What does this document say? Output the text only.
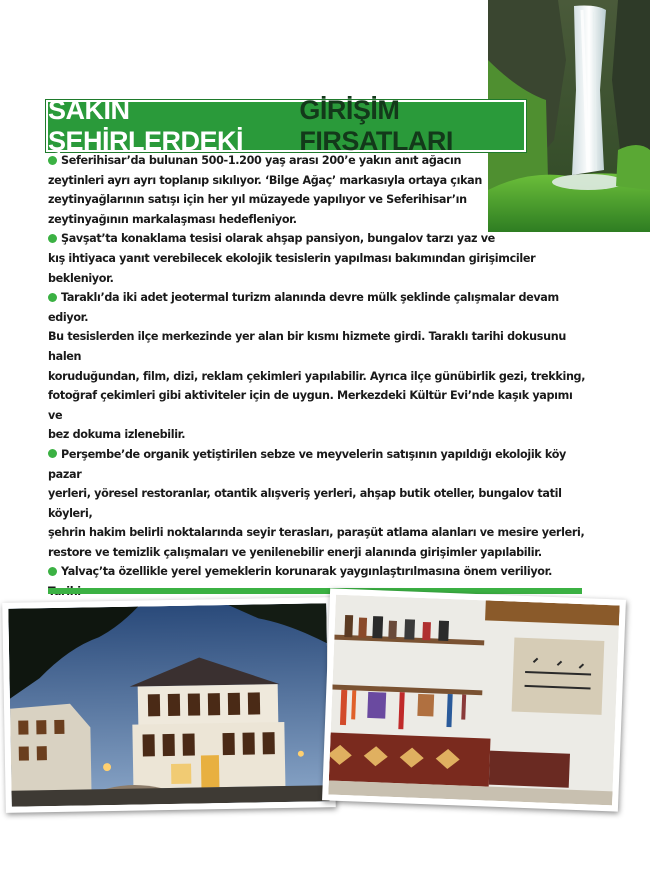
SAKİN ŞEHİRLERDEKİ
GİRİŞİM FIRSATLARI
Seferihisar’da bulunan 500-1.200 yaş arası 200’e yakın anıt ağacın
zeytinleri ayrı ayrı toplanıp sıkılıyor. ‘Bilge Ağaç’ markasıyla ortaya çıkan
zeytinyağlarının satışı için her yıl müzayede yapılıyor ve Seferihisar’ın
zeytinyağının markalaşması hedefleniyor.
Şavşat’ta konaklama tesisi olarak ahşap pansiyon, bungalov tarzı yaz ve
kış ihtiyaca yanıt verebilecek ekolojik tesislerin yapılması bakımından girişimciler bekleniyor.
Taraklı’da iki adet jeotermal turizm alanında devre mülk şeklinde çalışmalar devam ediyor.
Bu tesislerden ilçe merkezinde yer alan bir kısmı hizmete girdi. Taraklı tarihi dokusunu halen
koruduğundan, film, dizi, reklam çekimleri yapılabilir. Ayrıca ilçe günübirlik gezi, trekking,
fotoğraf çekimleri gibi aktiviteler için de uygun. Merkezdeki Kültür Evi’nde kaşık yapımı ve
bez dokuma izlenebilir.
Perşembe’de organik yetiştirilen sebze ve meyvelerin satışının yapıldığı ekolojik köy pazar
yerleri, yöresel restoranlar, otantik alışveriş yerleri, ahşap butik oteller, bungalov tatil köyleri,
şehrin hakim belirli noktalarında seyir terasları, paraşüt atlama alanları ve mesire yerleri,
restore ve temizlik çalışmaları ve yenilenebilir enerji alanında girişimler yapılabilir.
Yalvaç’ta özellikle yerel yemeklerin korunarak yaygınlaştırılmasına önem veriliyor.
